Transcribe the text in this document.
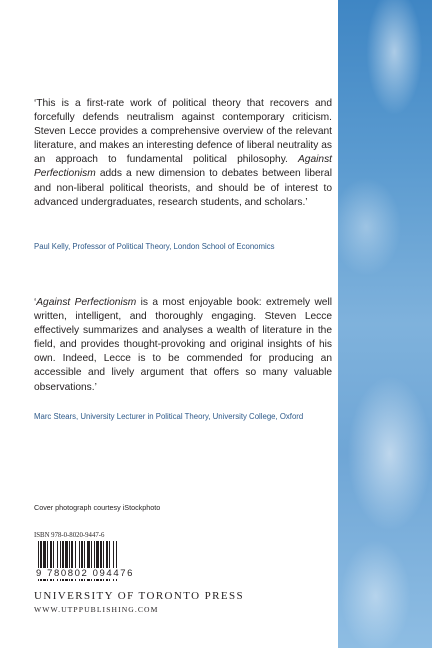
‘This is a first-rate work of political theory that recovers and forcefully defends neutralism against contemporary criticism. Steven Lecce provides a comprehensive overview of the relevant literature, and makes an interesting defence of liberal neutrality as an approach to fundamental political philosophy. Against Perfectionism adds a new dimension to debates between liberal and non-liberal political theorists, and should be of interest to advanced undergraduates, research students, and scholars.’

Paul Kelly, Professor of Political Theory, London School of Economics

‘Against Perfectionism is a most enjoyable book: extremely well written, intelligent, and thoroughly engaging. Steven Lecce effectively summarizes and analyses a wealth of literature in the field, and provides thought-provoking and original insights of his own. Indeed, Lecce is to be commended for producing an accessible and lively argument that offers so many valuable observations.’

Marc Stears, University Lecturer in Political Theory, University College, Oxford

Cover photograph courtesy iStockphoto
ISBN 978-0-8020-9447-6
9 780802 094476
UNIVERSITY OF TORONTO PRESS
WWW.UTPPUBLISHING.COM
